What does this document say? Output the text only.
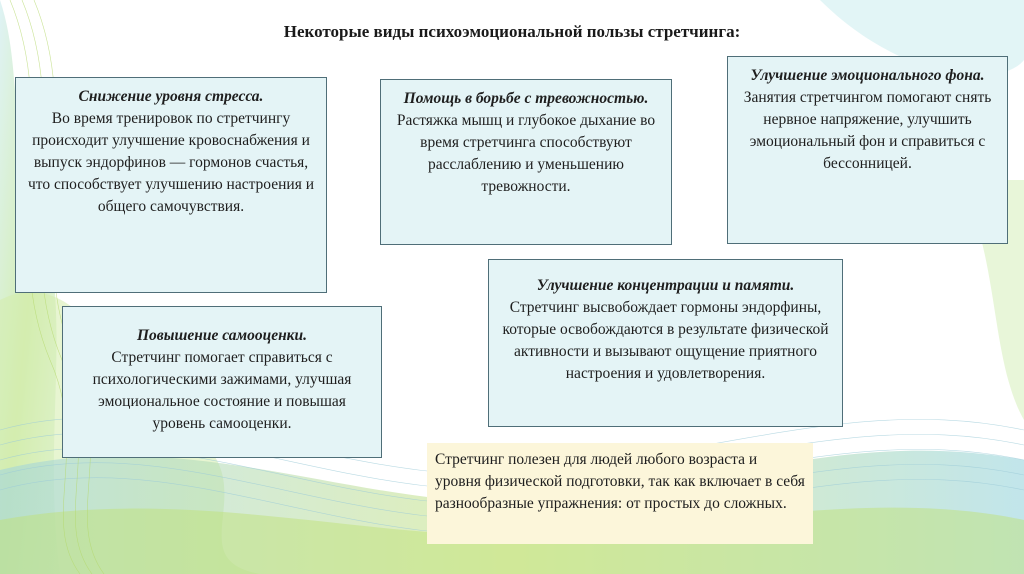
Некоторые виды психоэмоциональной пользы стретчинга:
Снижение уровня стресса.
Во время тренировок по стретчингу происходит улучшение кровоснабжения и выпуск эндорфинов — гормонов счастья, что способствует улучшению настроения и общего самочувствия.
Помощь в борьбе с тревожностью.
Растяжка мышц и глубокое дыхание во время стретчинга способствуют расслаблению и уменьшению тревожности.
Улучшение эмоционального фона.
Занятия стретчингом помогают снять нервное напряжение, улучшить эмоциональный фон и справиться с бессонницей.
Улучшение концентрации и памяти.
Стретчинг высвобождает гормоны эндорфины, которые освобождаются в результате физической активности и вызывают ощущение приятного настроения и удовлетворения.
Повышение самооценки.
Стретчинг помогает справиться с психологическими зажимами, улучшая эмоциональное состояние и повышая уровень самооценки.
Стретчинг полезен для людей любого возраста и уровня физической подготовки, так как включает в себя разнообразные упражнения: от простых до сложных.
